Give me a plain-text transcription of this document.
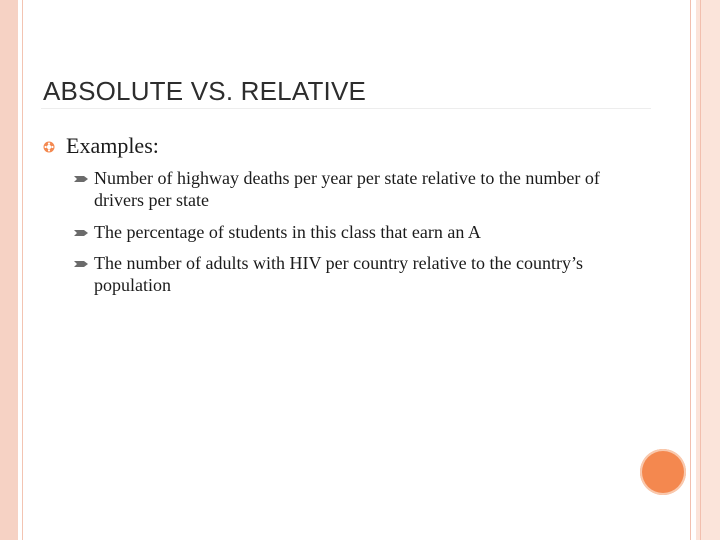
ABSOLUTE VS. RELATIVE
Examples:
Number of highway deaths per year per state relative to the number of drivers per state
The percentage of students in this class that earn an A
The number of adults with HIV per country relative to the country’s population
